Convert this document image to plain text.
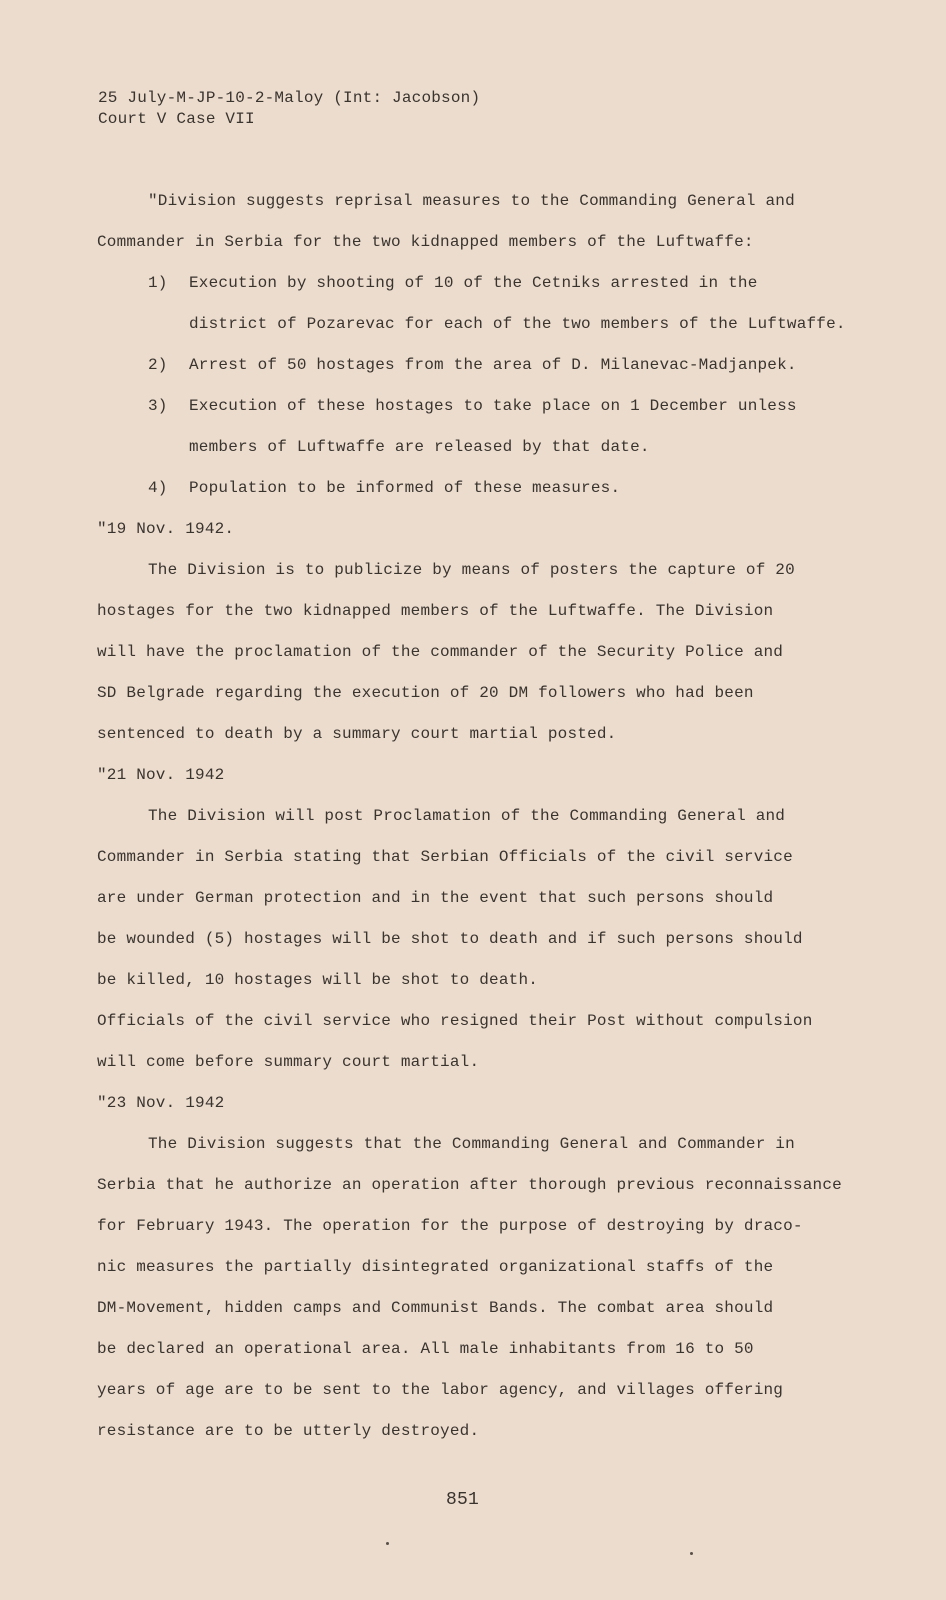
25 July-M-JP-10-2-Maloy (Int: Jacobson)
Court V Case VII
"Division suggests reprisal measures to the Commanding General and
Commander in Serbia for the two kidnapped members of the Luftwaffe:
1) Execution by shooting of 10 of the Cetniks arrested in the
district of Pozarevac for each of the two members of the Luftwaffe.
2) Arrest of 50 hostages from the area of D. Milanevac-Madjanpek.
3) Execution of these hostages to take place on 1 December unless
members of Luftwaffe are released by that date.
4) Population to be informed of these measures.
"19 Nov. 1942.
The Division is to publicize by means of posters the capture of 20
hostages for the two kidnapped members of the Luftwaffe. The Division
will have the proclamation of the commander of the Security Police and
SD Belgrade regarding the execution of 20 DM followers who had been
sentenced to death by a summary court martial posted.
"21 Nov. 1942
The Division will post Proclamation of the Commanding General and
Commander in Serbia stating that Serbian Officials of the civil service
are under German protection and in the event that such persons should
be wounded (5) hostages will be shot to death and if such persons should
be killed, 10 hostages will be shot to death.
Officials of the civil service who resigned their Post without compulsion
will come before summary court martial.
"23 Nov. 1942
The Division suggests that the Commanding General and Commander in
Serbia that he authorize an operation after thorough previous reconnaissance
for February 1943. The operation for the purpose of destroying by draco-
nic measures the partially disintegrated organizational staffs of the
DM-Movement, hidden camps and Communist Bands. The combat area should
be declared an operational area. All male inhabitants from 16 to 50
years of age are to be sent to the labor agency, and villages offering
resistance are to be utterly destroyed.
851
